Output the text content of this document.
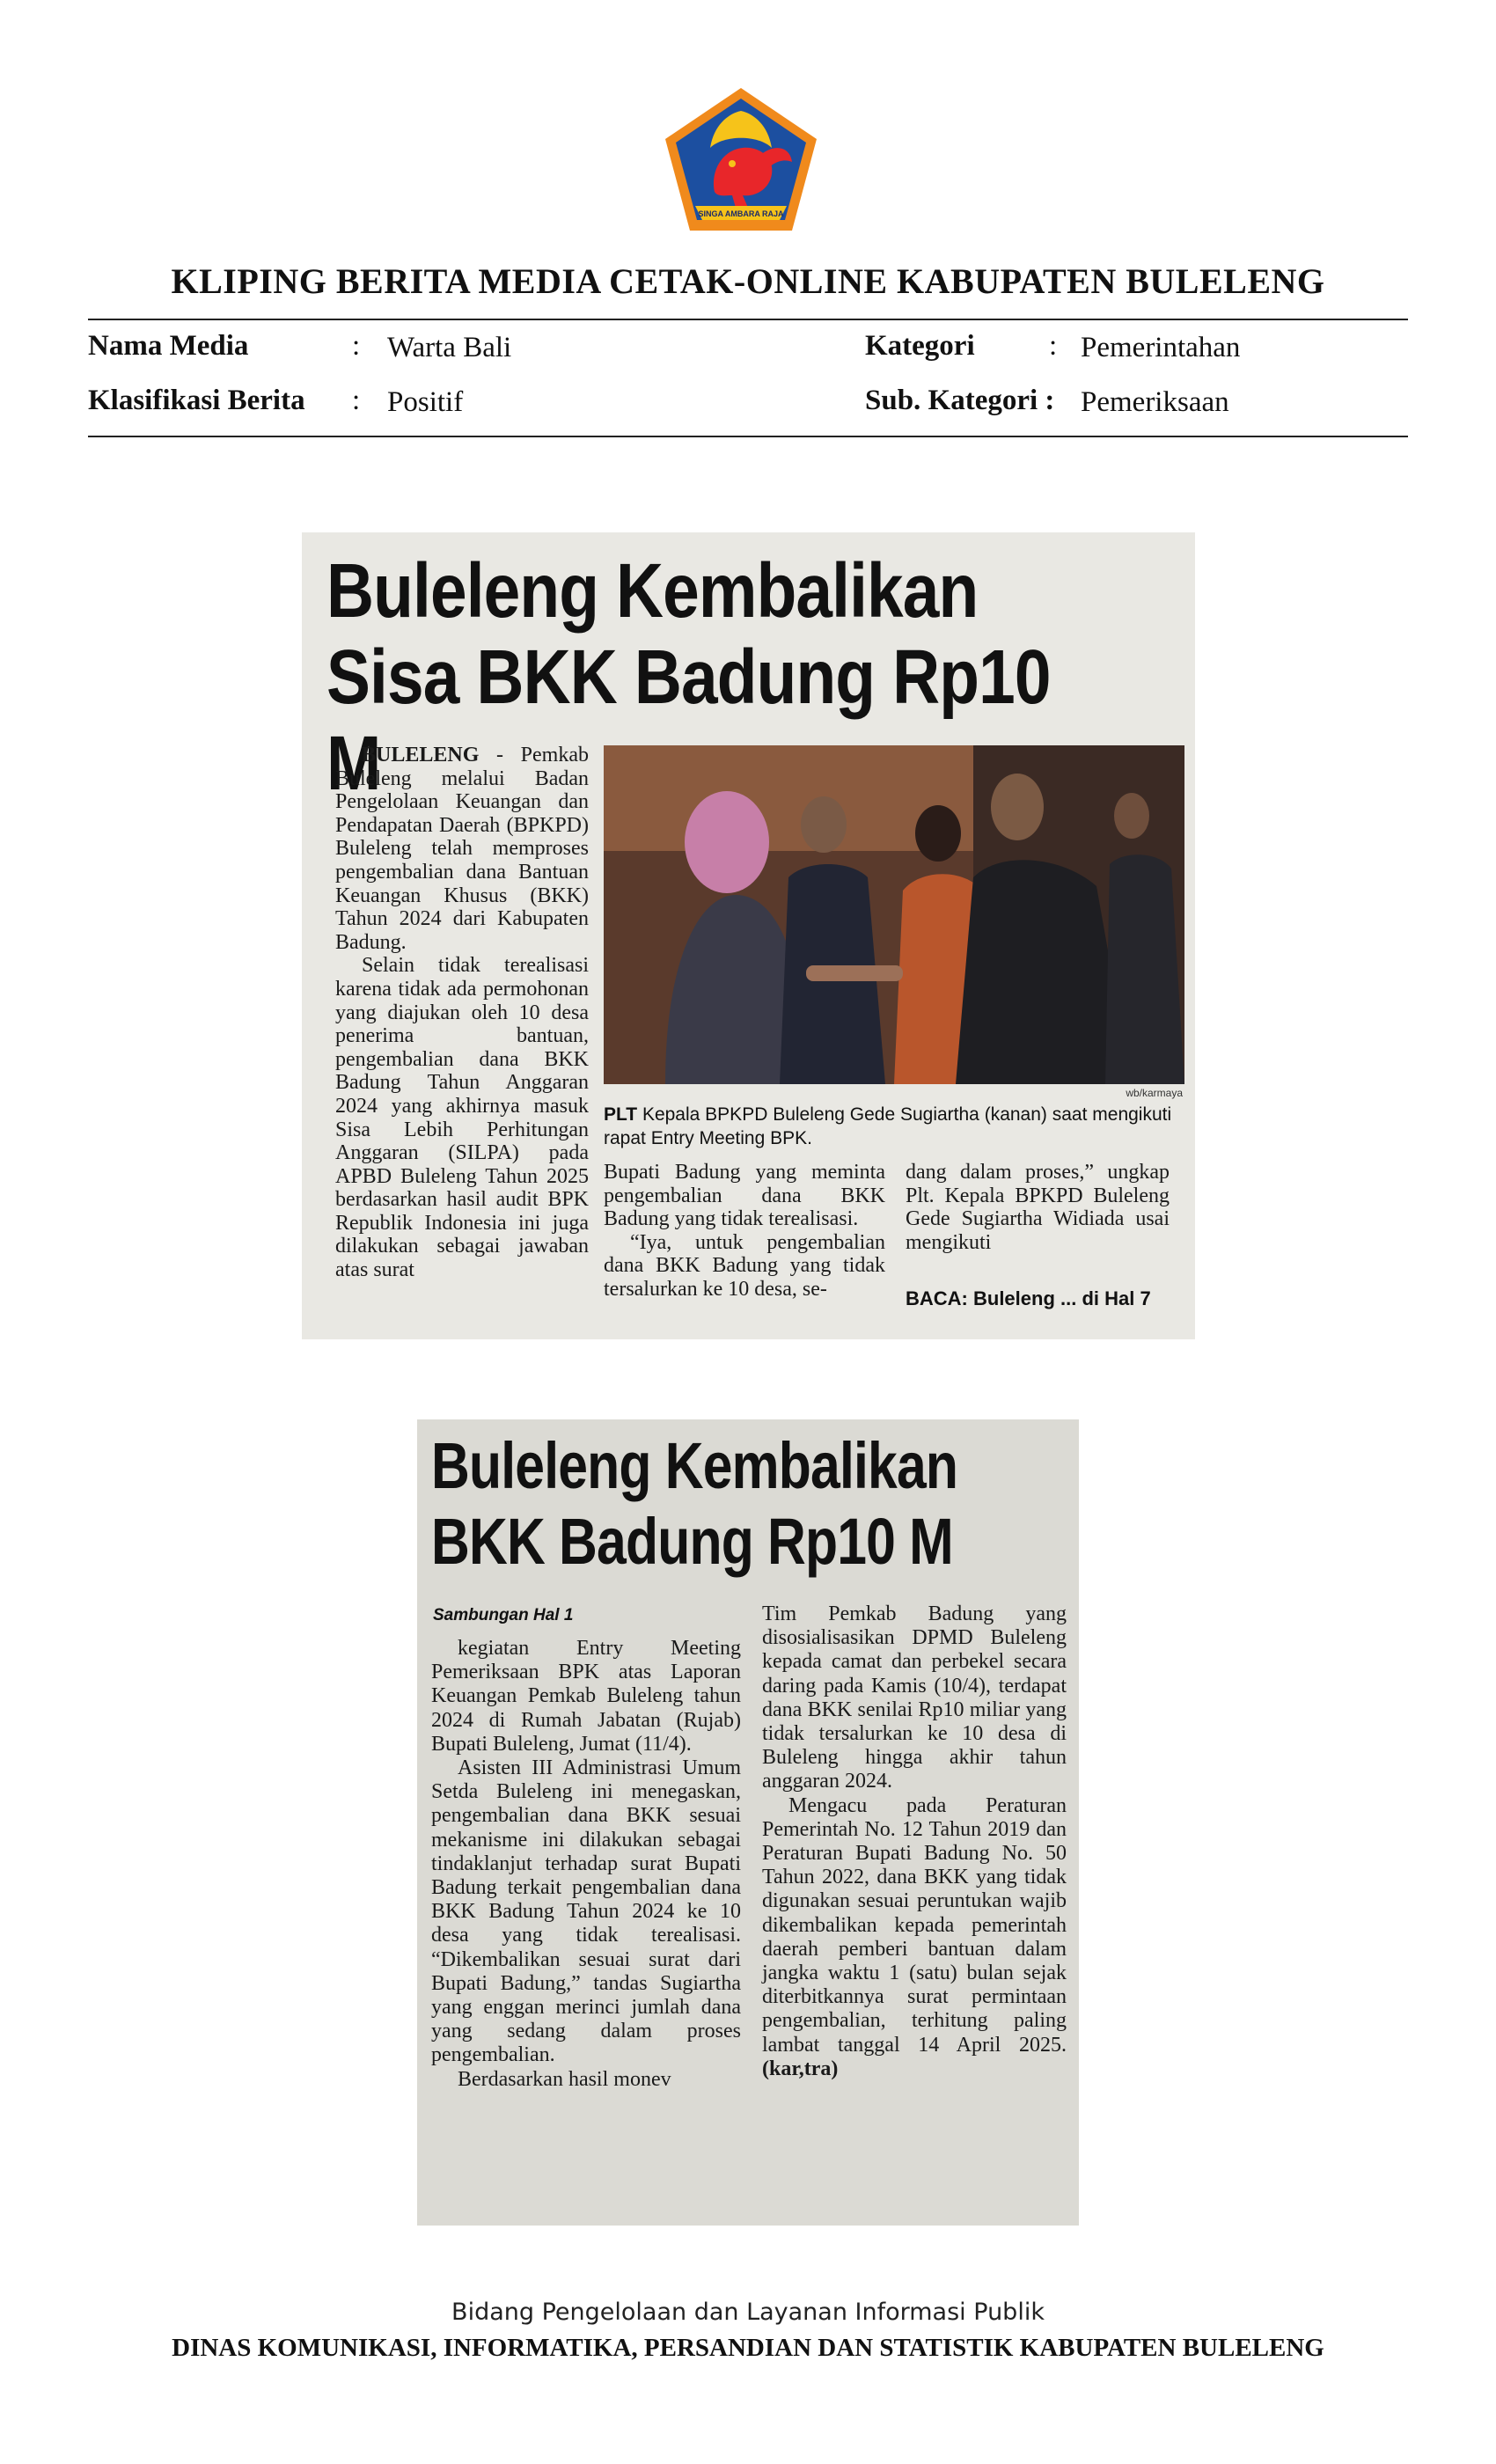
SINGA AMBARA RAJA
KLIPING BERITA MEDIA CETAK-ONLINE KABUPATEN BULELENG
Nama Media	: Warta Bali	Kategori	: Pemerintahan
Klasifikasi Berita : Positif	Sub. Kategori : Pemeriksaan
Buleleng Kembalikan
Sisa BKK Badung Rp10 M

BULELENG - Pemkab Buleleng melalui Badan Pengelolaan Keuangan dan Pendapatan Daerah (BPKPD) Buleleng telah memproses pengembalian dana Bantuan Keuangan Khusus (BKK) Tahun 2024 dari Kabupaten Badung.

Selain tidak terealisasi karena tidak ada permohonan yang diajukan oleh 10 desa penerima bantuan, pengembalian dana BKK Badung Tahun Anggaran 2024 yang akhirnya masuk Sisa Lebih Perhitungan Anggaran (SILPA) pada APBD Buleleng Tahun 2025 berdasarkan hasil audit BPK Republik Indonesia ini juga dilakukan sebagai jawaban atas surat

wb/karmaya
PLT Kepala BPKPD Buleleng Gede Sugiartha (kanan) saat mengikuti rapat Entry Meeting BPK.

Bupati Badung yang meminta pengembalian dana BKK Badung yang tidak terealisasi.

“Iya, untuk pengembalian dana BKK Badung yang tidak tersalurkan ke 10 desa, se-

dang dalam proses,” ungkap Plt. Kepala BPKPD Buleleng Gede Sugiartha Widiada usai mengikuti

BACA: Buleleng ... di Hal 7
Buleleng Kembalikan
BKK Badung Rp10 M
Sambungan Hal 1

kegiatan Entry Meeting Pemeriksaan BPK atas Laporan Keuangan Pemkab Buleleng tahun 2024 di Rumah Jabatan (Rujab) Bupati Buleleng, Jumat (11/4).

Asisten III Administrasi Umum Setda Buleleng ini menegaskan, pengembalian dana BKK sesuai mekanisme ini dilakukan sebagai tindaklanjut terhadap surat Bupati Badung terkait pengembalian dana BKK Badung Tahun 2024 ke 10 desa yang tidak terealisasi. “Dikembalikan sesuai surat dari Bupati Badung,” tandas Sugiartha yang enggan merinci jumlah dana yang sedang dalam proses pengembalian.

Berdasarkan hasil monev

Tim Pemkab Badung yang disosialisasikan DPMD Buleleng kepada camat dan perbekel secara daring pada Kamis (10/4), terdapat dana BKK senilai Rp10 miliar yang tidak tersalurkan ke 10 desa di Buleleng hingga akhir tahun anggaran 2024.

Mengacu pada Peraturan Pemerintah No. 12 Tahun 2019 dan Peraturan Bupati Badung No. 50 Tahun 2022, dana BKK yang tidak digunakan sesuai peruntukan wajib dikembalikan kepada pemerintah daerah pemberi bantuan dalam jangka waktu 1 (satu) bulan sejak diterbitkannya surat permintaan pengembalian, terhitung paling lambat tanggal 14 April 2025. (kar,tra)

Bidang Pengelolaan dan Layanan Informasi Publik
DINAS KOMUNIKASI, INFORMATIKA, PERSANDIAN DAN STATISTIK KABUPATEN BULELENG
